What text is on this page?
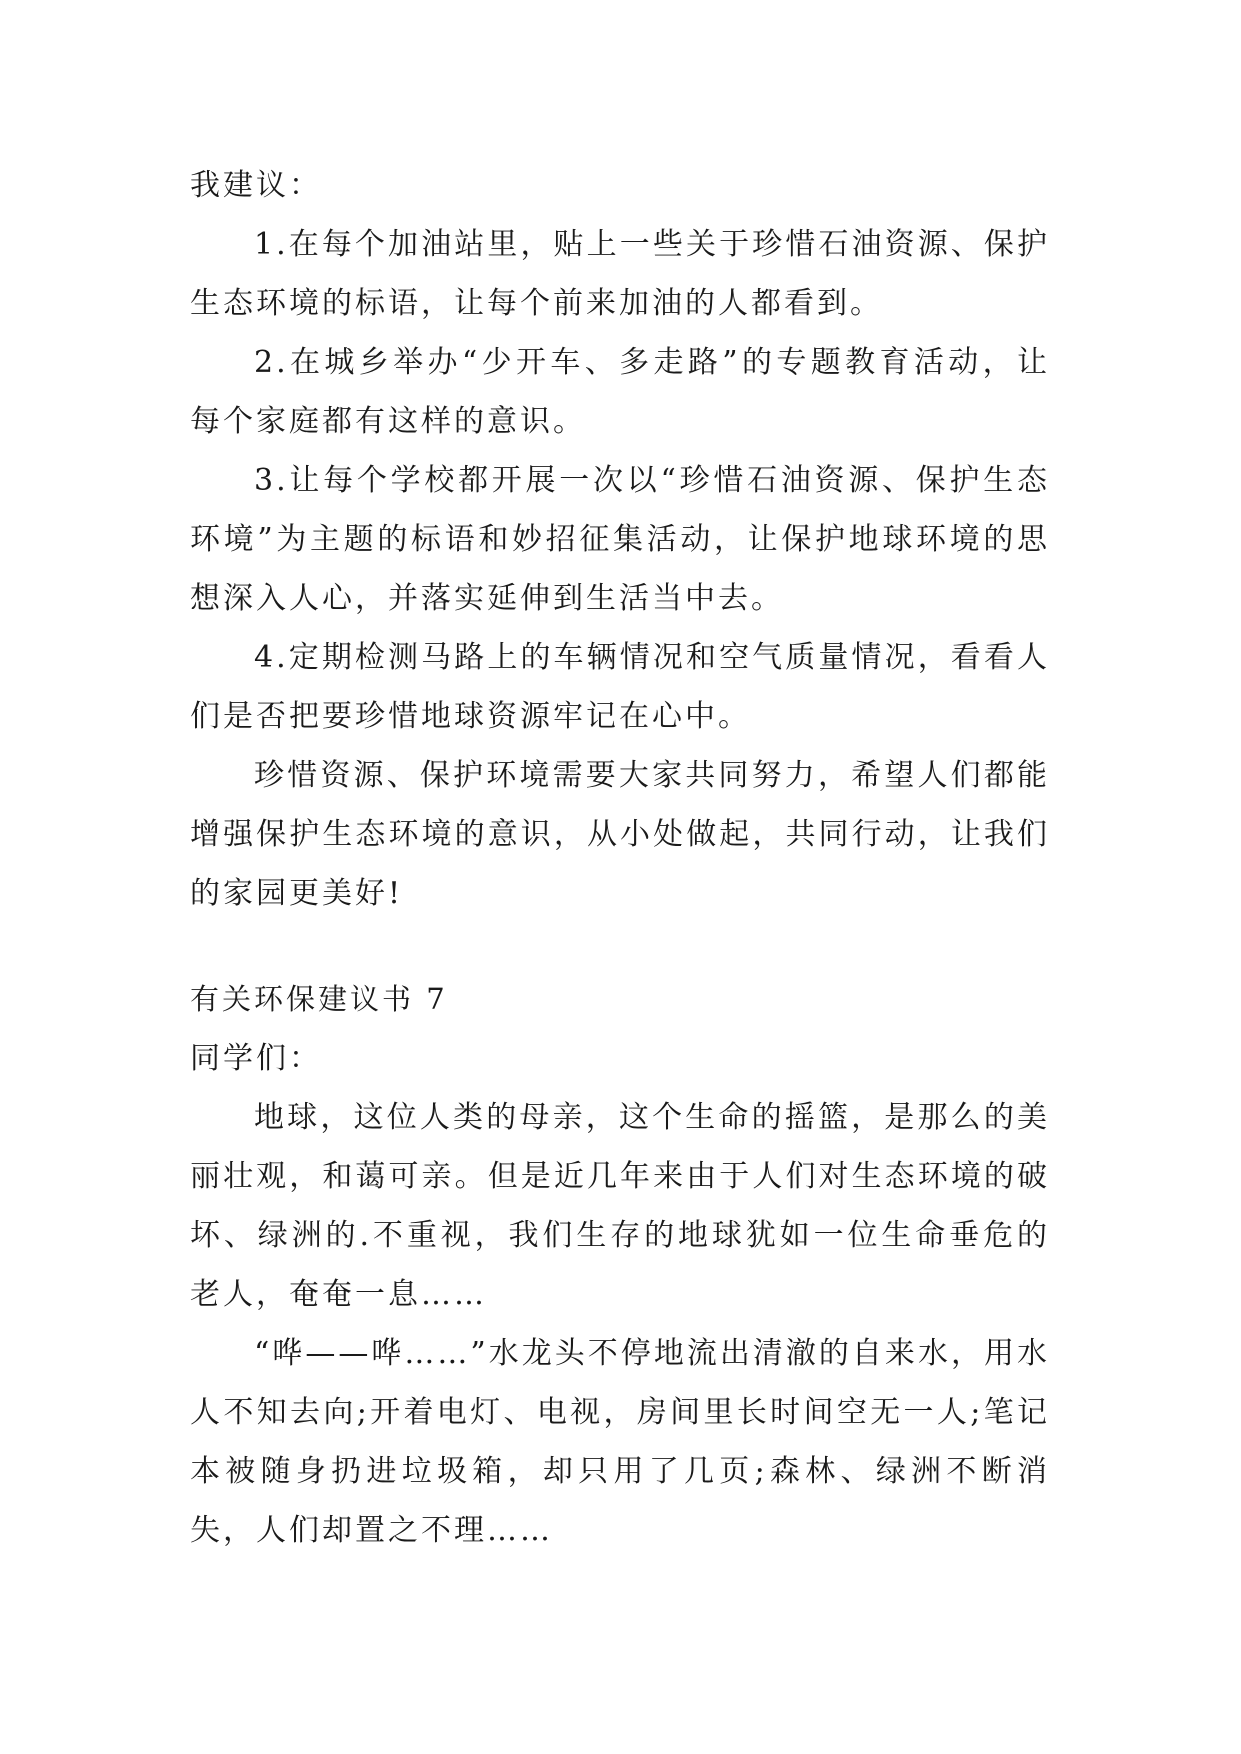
我建议：

1.在每个加油站里，贴上一些关于珍惜石油资源、保护生态环境的标语，让每个前来加油的人都看到。

2.在城乡举办“少开车、多走路”的专题教育活动，让每个家庭都有这样的意识。

3.让每个学校都开展一次以“珍惜石油资源、保护生态环境”为主题的标语和妙招征集活动，让保护地球环境的思想深入人心，并落实延伸到生活当中去。

4.定期检测马路上的车辆情况和空气质量情况，看看人们是否把要珍惜地球资源牢记在心中。

珍惜资源、保护环境需要大家共同努力，希望人们都能增强保护生态环境的意识，从小处做起，共同行动，让我们的家园更美好!

有关环保建议书 7

同学们：

地球，这位人类的母亲，这个生命的摇篮，是那么的美丽壮观，和蔼可亲。但是近几年来由于人们对生态环境的破坏、绿洲的.不重视，我们生存的地球犹如一位生命垂危的老人，奄奄一息……

“哗——哗……”水龙头不停地流出清澈的自来水，用水人不知去向;开着电灯、电视，房间里长时间空无一人;笔记本被随身扔进垃圾箱，却只用了几页;森林、绿洲不断消失，人们却置之不理……
